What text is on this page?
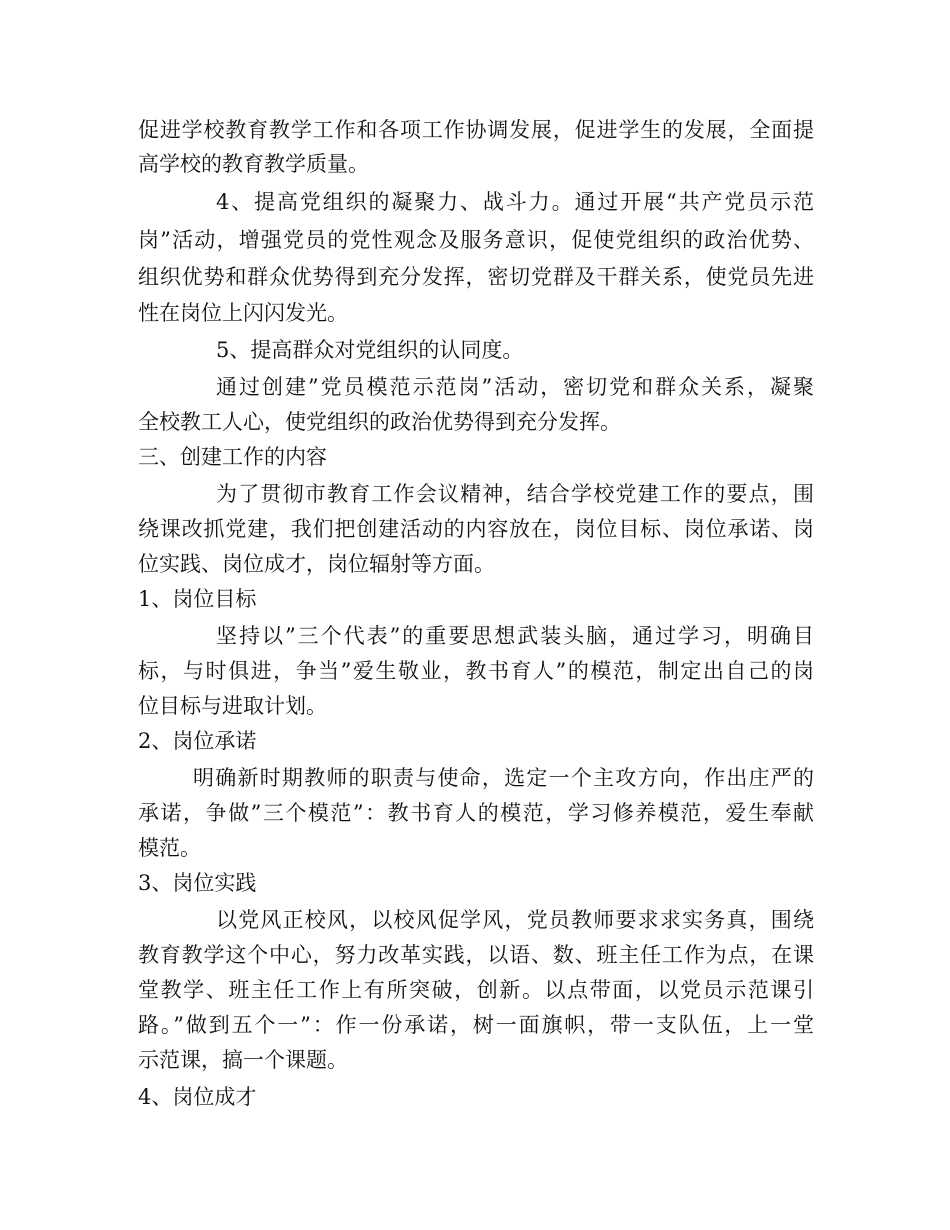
促进学校教育教学工作和各项工作协调发展，促进学生的发展，全面提
高学校的教育教学质量。
4、提高党组织的凝聚力、战斗力。通过开展“共产党员示范
岗”活动，增强党员的党性观念及服务意识，促使党组织的政治优势、
组织优势和群众优势得到充分发挥，密切党群及干群关系，使党员先进
性在岗位上闪闪发光。
5、提高群众对党组织的认同度。
通过创建”党员模范示范岗”活动，密切党和群众关系，凝聚
全校教工人心，使党组织的政治优势得到充分发挥。
三、创建工作的内容
为了贯彻市教育工作会议精神，结合学校党建工作的要点，围
绕课改抓党建，我们把创建活动的内容放在，岗位目标、岗位承诺、岗
位实践、岗位成才，岗位辐射等方面。
1、岗位目标
坚持以”三个代表”的重要思想武装头脑，通过学习，明确目
标，与时俱进，争当”爱生敬业，教书育人”的模范，制定出自己的岗
位目标与进取计划。
2、岗位承诺
明确新时期教师的职责与使命，选定一个主攻方向，作出庄严的
承诺，争做”三个模范”：教书育人的模范，学习修养模范，爱生奉献
模范。
3、岗位实践
以党风正校风，以校风促学风，党员教师要求求实务真，围绕
教育教学这个中心，努力改革实践，以语、数、班主任工作为点，在课
堂教学、班主任工作上有所突破，创新。以点带面，以党员示范课引
路。”做到五个一”：作一份承诺，树一面旗帜，带一支队伍，上一堂
示范课，搞一个课题。
4、岗位成才
